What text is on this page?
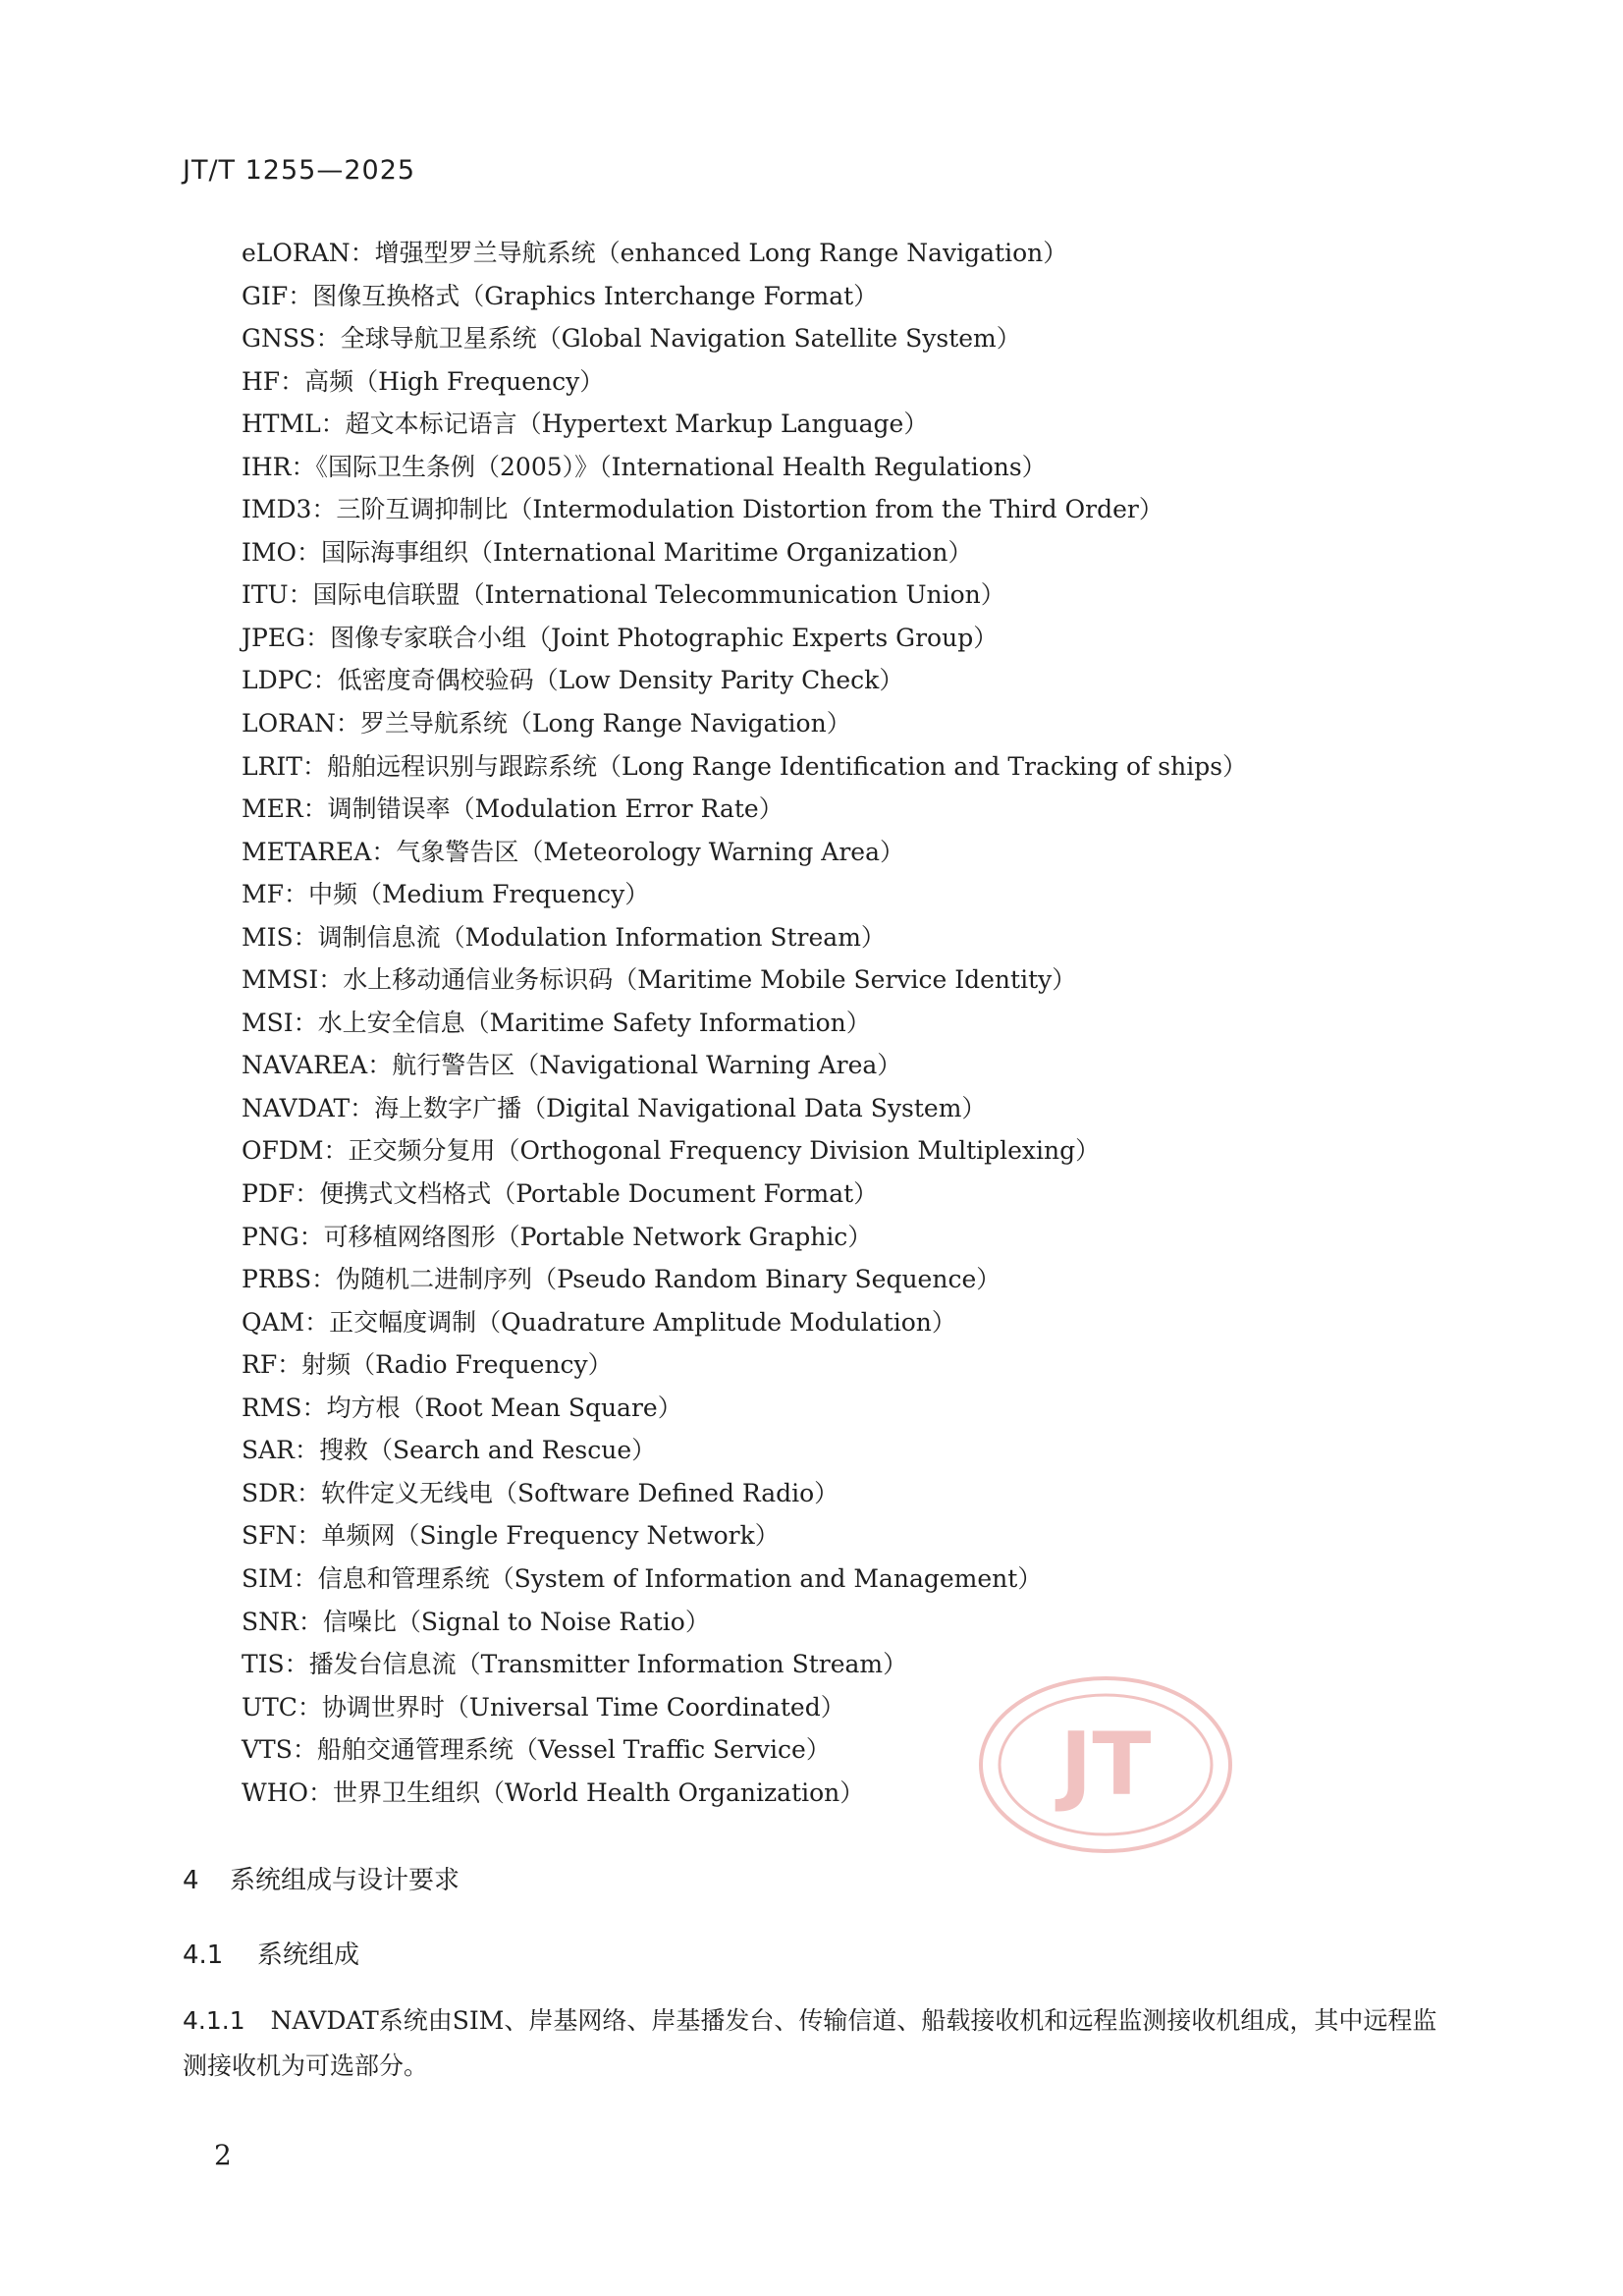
JT/T 1255—2025
eLORAN：增强型罗兰导航系统（enhanced Long Range Navigation）
GIF：图像互换格式（Graphics Interchange Format）
GNSS：全球导航卫星系统（Global Navigation Satellite System）
HF：高频（High Frequency）
HTML：超文本标记语言（Hypertext Markup Language）
IHR：《国际卫生条例（2005）》（International Health Regulations）
IMD3：三阶互调抑制比（Intermodulation Distortion from the Third Order）
IMO：国际海事组织（International Maritime Organization）
ITU：国际电信联盟（International Telecommunication Union）
JPEG：图像专家联合小组（Joint Photographic Experts Group）
LDPC：低密度奇偶校验码（Low Density Parity Check）
LORAN：罗兰导航系统（Long Range Navigation）
LRIT：船舶远程识别与跟踪系统（Long Range Identification and Tracking of ships）
MER：调制错误率（Modulation Error Rate）
METAREA：气象警告区（Meteorology Warning Area）
MF：中频（Medium Frequency）
MIS：调制信息流（Modulation Information Stream）
MMSI：水上移动通信业务标识码（Maritime Mobile Service Identity）
MSI：水上安全信息（Maritime Safety Information）
NAVAREA：航行警告区（Navigational Warning Area）
NAVDAT：海上数字广播（Digital Navigational Data System）
OFDM：正交频分复用（Orthogonal Frequency Division Multiplexing）
PDF：便携式文档格式（Portable Document Format）
PNG：可移植网络图形（Portable Network Graphic）
PRBS：伪随机二进制序列（Pseudo Random Binary Sequence）
QAM：正交幅度调制（Quadrature Amplitude Modulation）
RF：射频（Radio Frequency）
RMS：均方根（Root Mean Square）
SAR：搜救（Search and Rescue）
SDR：软件定义无线电（Software Defined Radio）
SFN：单频网（Single Frequency Network）
SIM：信息和管理系统（System of Information and Management）
SNR：信噪比（Signal to Noise Ratio）
TIS：播发台信息流（Transmitter Information Stream）
UTC：协调世界时（Universal Time Coordinated）
VTS：船舶交通管理系统（Vessel Traffic Service）
WHO：世界卫生组织（World Health Organization）
4 系统组成与设计要求
4.1 系统组成
4.1.1 NAVDAT系统由SIM、岸基网络、岸基播发台、传输信道、船载接收机和远程监测接收机组成，其中远程监测接收机为可选部分。
2
JT
